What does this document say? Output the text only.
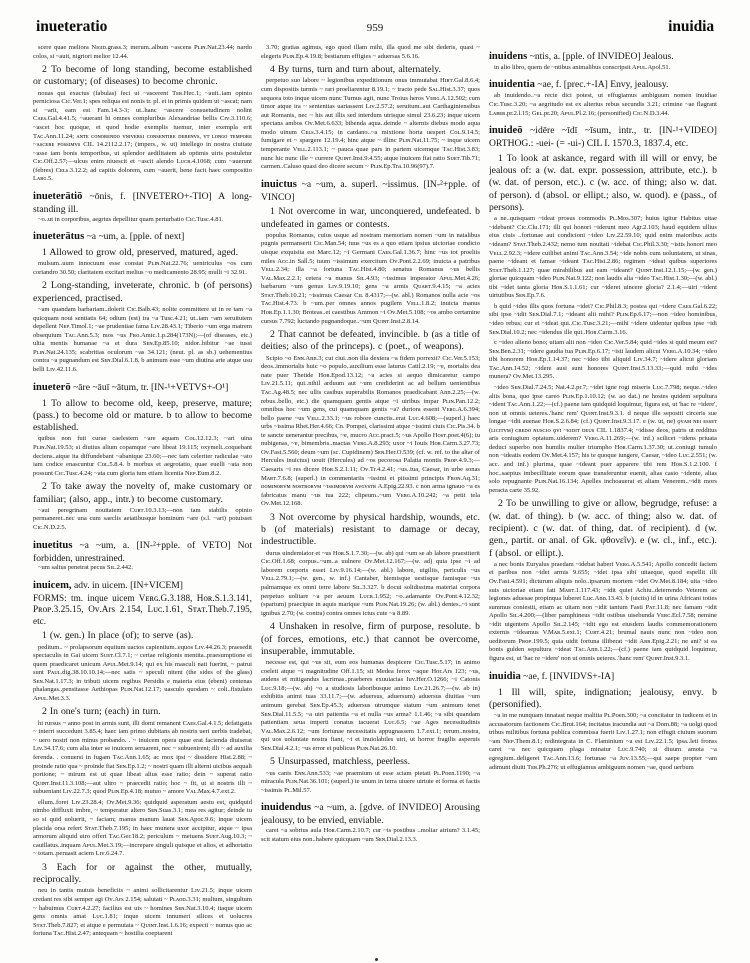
inueteratio	959	inuidia

scere quae meliora Nɪɢɪᴅ.grass.3; merum..album ~ascens Pʟɪɴ.Nat.23.44; nardo colos, si ~auit, nigriori melior 12.44.

2 To become of long standing, become established or customary; (of diseases) to become chronic.

nouas qui exactus (fabulas) feci ut ~ascerent Tᴇʀ.Hec.1; ~auit..iam opinio perniciosa Cɪᴄ.Ver.1; spes reliqua est nonis tr. pl. et in primis quidem ut ~ascat; nam si ~arit, eam est Fam.14.3-3; ut..hanc ~ascere consuetudinem nolint Cᴀᴇs.Gal.4.41.5; ~auerant hi omnes compluribus Alexandriae bellis Cɪᴠ.3.110.6; ~ascet hoc quoque, et quod hodie exemplis tuemur, inter exempla erit Tᴀᴄ.Ann.11.24; ᴀɴᴛᴇ ᴄᴏɴᴏʀᴇɴᴅᴏ ᴠɴɪᴠᴇʀsɪ ᴄᴏɴsᴇɴᴛɪʀᴇ ᴅᴇʙᴇɴᴠs, ᴠᴛ ʟᴏɴɢᴏ ᴛᴇᴍᴘᴏʀᴇ ~ᴀsᴄᴇʀᴇ ᴘᴏssɪᴍᴠs CIL 14.2112.2.17; (impers., w. ut) intellego in nostra ciuitate ~asse iam bonis temporibus, ut splendor aedilitatem ab optimis uiris postuletur Cɪᴄ.Off.2.57;—ulcus enim niuescit et ~ascit alendo Lᴜᴄʀ.4.1068; cum ~auerunt (febres) Cᴇʟs.3.12.2; ad capitis dolorem, cum ~auerit, bene facit haec compositio Lᴀʀɢ.5.

inueterātiō ~ōnis, f. [INVETERO+-TIO] A long-standing ill.

~o..ut in corporibus, aegrius depellitur quam perturbatio Cɪᴄ.Tusc.4.81.

inueterātus ~a ~um, a. [pple. of next]

1 Allowed to grow old, preserved, matured, aged.

mulsum..uum innocuum esse constat Pʟɪɴ.Nat.22.76; uentriculus ~os cum coriandro 30.50; claritatem excitari melius ~o medicamento 28.95; mulli ~i 32.91.

2 Long-standing, inveterate, chronic. b (of persons) experienced, practised.

~am quandam barbariam..dolerit Cɪᴄ.Balb.43; nolite committere ut in re tam ~a quicquam noui sentiatis 64; odium (est) ira ~a Tusc.4.21; ut..iam ~am seruitutem depellent Nᴇᴘ.Timol.1; ~ae prudentiae fama Lɪᴠ.28.43.1; Tiberio ~um erga matrem obsequium Tᴀᴄ.Ann.5.3; mos ~us Fʀᴏ.Amic.1.p.284(173N);—(of diseases, etc.) ultia mentis humanae ~a et dura Sᴇɴ.Ep.85.10; nidor..bibitur ~ae tussi Pʟɪɴ.Nat.24.135; scabritias oculorum ~as 34.121; (neut. pl. as sb.) uehementius contra ~a pugnandum est Sᴇɴ.Dial.6.1.8. b animum esse ~um diutina arte atque usu belli Lɪᴠ.42.11.6.

inueterō ~āre ~āuī ~ātum, tr. [IN-¹+VETVS+-O¹]

1 To allow to become old, keep, preserve, mature; (pass.) to become old or mature. b to allow to become established.

quibus non fuit curae caelestem ~are aquam Cᴏʟ.12.12.3; ~ari uina Pʟɪɴ.Nat.19.53; si diutius alium copamque ~are libeat 19.115; oxymeli..coquebant deciens..atque ita diffundebant ~abantque 23.60;—nec tam celeriter radiculae ~ato iam codice enascuntur Cᴏʟ.5.8.4. b morbus et aegrotatio, quae euelli ~ata non possunt Cɪᴄ.Tusc.4.24; ~ata cum gloria tum etiam licentia Nᴇᴘ.Eum.8.2.

2 To take away the novelty of, make customary or familiar; (also, app., intr.) to become customary.

~aui peregrinam nouitatem Cᴜʀᴛ.10.3.13;—non tam stabilis opinio permaneret..nec una cum saeclis aetatibusque hominum ~are (s.l. ~ari) potuisset Cɪᴄ.N.D.2.5.

inuetitus ~a ~um, a. [IN-²+pple. of VETO] Not forbidden, unrestrained.

~um saltus penetrat pecus Sɪʟ.2.442.

inuicem, adv. in uicem. [IN+VICEM]

FORMS: tm. inque uicem Vᴇʀɢ.G.3.188, Hᴏʀ.S.1.3.141, Pʀᴏᴘ.3.25.15, Oᴠ.Ars 2.154, Lᴜᴄ.1.61, Sᴛᴀᴛ.Theb.7.195, etc.

1 (w. gen.) In place (of); to serve (as).

peditum.. ~ prolapsorum equitum uactos capientium..equos Lɪᴠ.44.26.3; praesedit spectaculis in Gai uicem Sᴜᴇᴛ.Cl.7.1; ~ certae religionis mentita..praesumptione ei quem praedicaret unicum Aᴘᴜʟ.Met.9.14; qui ex his masculi nati fuerint, ~ patrui sunt Pᴀᴜʟ.dig.38.10.10.14;—nec satis ~ speculi nitent (the sides of the glass) Sᴇɴ.Nat.1.17.3; in tributi uicem regibus Persidis e materia eius (ebeni) centenas phalangas..pensitasse Aethiopas Pʟɪɴ.Nat.12.17; uasculo quodam ~ coli..fistulato Aᴘᴜʟ.Met.3.3.

2 In one's turn; (each) in turn.

hi rursus ~ anno post in armis sunt, illi domi remanent Cᴀᴇs.Gal.4.1.5; defatigatis ~ interri succedunt 3.85.4; haec iam primo dubitans ab nostris ueri uerbis tradebat, ~ uero nostri non minus probando. . ~ inuicem opera quae erat facienda diuiserat Lɪᴠ.34.17.6; cum alia inter se inuicem seruarent, nec ~ subuenirent; illi ~ ad auxilia ferenda. . conuersi in fugam Tᴀᴄ.Ann.1.65; ac mox ipsi ~ dissidere Hist.2.88; ~ proinde ratio qua ~ proinde fiat Sᴇɴ.Ep.1.2; ~ nostri quam illi alterni uicibus aequali portione; ~ mirum est ut quae libeat alius esse ratio; dein ~ superat ratio Qᴜɪɴᴛ.Inst.11.3.108;—aut ultro ~ praecedit ratio; hoc ~ fit, ut si nostris illi ~ subueniant Lɪᴠ.22.7.3; quod Pʟɪɴ.Ep.4.18; mutuo ~ amore Vᴀʟ.Max.4.7.ext.2.

ellum..foret Lɪᴠ.23.28.4; Oᴠ.Met.9.36; quidquid asperatum aestu est, quidquid nimbo diffluxit imbre, ~ temperatur altero Sᴇɴ.Suas.3.1; mea res agitur; deinde tu so si quid uoluerit, ~ faciam; manus manum lauat Sᴇɴ.Apoc.9.6; inque uicem placida orsa refert Sᴛᴀᴛ.Theb.7.195; in haec munera uxor accipitur, atque ~ ipsa armorum aliquid uiro offert Tᴀᴄ.Ger.18.2; periculum ~ metuens Sᴜᴇᴛ.Aug.10.3; ~ cauillatus..inquam Aᴘᴜʟ.Met.3.19;—increpare singuli quisque et alios, et adhortatio ~ totam..peruasit aciem Lɪᴠ.6.24.7.

3 Each for or against the other, mutually, reciprocally.

neu in tantis mutuis beneficiis ~ animi sollicitarentur Lɪᴠ.21.5; inque uicem credant res sibi semper agi Oᴠ.Ars 2.154; salutati ~ Pʟᴀᴏᴅ.3.31; multum, singultum ~ habuimus Cᴜʀᴛ.4.2.27; facilius est uis ~ homines Sᴇɴ.Nat.3.10.4; itaque uicem gens omnis amat Lᴜᴄ.1.81; inque uicem innumeri silices et uolucres Sᴛᴀᴛ.Theb.7.827; et atque e permutata ~ Qᴜɪɴᴛ.Inst.1.6.16; expecti ~ numus quo ac fortuna Tᴀᴄ.Hist.2.47; antequam ~ hostilia coeptarent

3.70; gratias agimus, ego quod illam mihi, illa quod me sibi dederis, quasi ~ elegeris Pʟɪɴ.Ep.4.19.8; bestiarum effigies ~ aduersas 5.6.16.

4 By turns, turn and turn about, alternately.

perpetuo suo labore ~ legionibus expeditionum onus immutabat Hɪʀᴛ.Gal.8.6.4; cum dispositis turmis ~ rari proeliarentur 8.19.1; ~ tracto pede Sᴀʟ.Hist.3.37; quos sequora toto inque uicem nunc Turnus agit, nunc Troius heros Vᴇʀɢ.A.12.502; cum timor atque ira ~ sententias uariassent Lɪᴠ.2.57.2; seruitum..aut Carthaginiensibus aut Romanis, nec ~ his aut illis sed interdum utrisque simul 23.6.23; inque uicem spectans ambos Oᴠ.Met.6.633; bibenda aqua..deinde ~ alternis diebus modo aqua modo uinum Cᴇʟs.3.4.15; in cardano..~a mixtione horta uesperi Cᴏʟ.9.14.5; fumigare et ~ spargere 12.19.4; hinc atque ~ illinc Pʟɪɴ.Nat.11.75; ~ inque uicem temperante Vᴇʟʟ.2.113.1; ~ pauca quae pars in partem uicemque Tᴀᴄ.Hist.3.83; nunc hic nunc ille ~ currere Qᴜɪɴᴛ.Inst.9.4.55; atque inuicem fiat ratio Sᴜᴇᴛ.Tib.71; carmen..Caluso quasi deo dicere secum ~ Pʟɪɴ.Ep.Tra.10.96(97).7.

inuictus ~a ~um, a. superl. ~issimus. [IN-²+pple. of VINCO]

1 Not overcome in war, unconquered, undefeated. b undefeated in games or contests.

populus Romanus, cuius usque ad nostram memoriam nomen ~um in natalibus pugnis permanserit Cɪᴄ.Man.54; tuus ~us es a quo etiam ipsius uictoriae condicio uisque exquisita est Marc.12; ~i Germani Cᴀᴇs.Gal.1.36.7; hinc ~us tot proeliis miles Aᴄᴄ.in Sall.5; tuum ~issimum exercitum Oᴠ.Pont.2.2.69; inuicta a patribus Vᴇʟʟ.2.34; illa ~a fortuna Tᴀᴄ.Hist.4.80; senatus Romanus ~us bellis Vᴀʟ.Max.2.2.1; cetera ~a manus Sɪʟ.4.93; ~issimus imperator Aᴘᴜʟ.Met.4.26; barbarum ~um genus Lɪᴠ.9.19.10; gens ~a armis Qᴜᴀʀᴛ.9.4.15; ~a acies Sᴛᴀᴛ.Theb.10.21; ~issimus Caesar Cɪʟ 8.4317;—(w. abl.) Romanos nulla acie ~os Tᴀᴄ.Hist.4.73. b ~um..per omnes annos pugilem Vᴇʟʟ.1.8.2; inuicta manus Hᴏʀ.Ep.1.1.30; Broteas..et caestibus Ammon ~i Oᴠ.Met.5.108; ~os ambo certamine cursus 7.792; luctando pugnandoque..~um Qᴜɪɴᴛ.Inst.2.8.14.

2 That cannot be defeated, invincible. b (as a title of deities; also of the princeps). c (poet., of weapons).

Scipio ~o Eɴɴ.Ann.3; cui ciui..non illa dextera ~a fidem porrexit? Cɪᴄ.Ver.5.153; deos..immortalis huic ~o populo..auxilium esse laturus Catil.2.19; ~e, mortalis dea nate puer Thetide Hᴏʀ.Epod.13.12; ~a acies si aequo dimicaretur campo Lɪᴠ.21.5.11; qui..nihil arduum aut ~um crediderint ac ad bellum uenientibus Tᴀᴄ.Ag.48.5; nec ullis casibus superabilis Romanos praedicabant Ann.2.25;—(w. rebus..bello, etc.) die quamquam gentis atque ~i uiribus impar Pʟɪɴ.Pan.12.2; omnibus hoc ~um gens, cui quamquam gentis ~a? duriora essent Vᴇʀɢ.A.6.394; bello paene ~us Vᴇʟʟ.2.33.1; ~us robore cunctis..erat Lᴜᴄ.4.608;—(superl.) haec urbs ~issima Rhet.Her.4.66; Cn. Pompei, clarissimi atque ~issimi ciuis Cɪᴄ.Pis.34. b te sancte uenerantur precibus, ~e, mucro Aᴄᴄ.pract.5; ~us Apollo Hᴏsᴛ.poet.4(6); tu nubigenas, ~e, bimembris..mactas Vᴇʀɢ.A.8.293; uxor ~i Iouis Hᴏʀ.Carm.3.27.73; Oᴠ.Fast.5.560; deum ~um (sc. Cupidinem) Sᴇɴ.Her.O.539; (cf. w. ref. to the altar of Hercules inuictus) uouit (Hercules) ad ~os pecorosa Palatia montis Pʀᴏᴘ.4.9.3;—Caesaris ~i res dicere Hᴏʀ.S.2.1.11; Oᴠ.Tr.4.2.41; ~us..tua, Caesar, in urbe sonas Mᴀʀᴛ.7.6.8; (superl.) in commentariis ~issimi et piissimi principis Fʀᴏɴ.Aq.31; ᴅᴏᴍɪɴᴏʀᴠᴍ ɴᴏsᴛʀᴏʀᴠᴍ ~ɪssɪᴍᴏʀᴠᴍ ᴀᴠɢᴠsᴛʀ A.Epig.22.93. c non arma ignauo ~a es fabricatus manu ~us tua 222; clipeum..~um Vᴇʀɢ.A.10.242; ~a petit tela Oᴠ.Met.12.168.

3 Not overcome by physical hardship, wounds, etc. b (of materials) resistant to damage or decay, indestructible.

durus uindemiator et ~us Hᴏʀ.S.1.7.30;—(w. ab) qui ~um se ab labore praestiterit Cɪᴄ.Off.1.68; corpus..~um..a uulnere Oᴠ.Met.12.167;—(w. ad) quia ipse ~i ad laborem corporis esset Lɪᴠ.9.16.14;—(w. abl.) labore, uigiliis, periculis ~us Vᴇʟʟ.2.79.1;—(w. gen., w. inf.) Cantaber, hiemisque uestisque famisque ~us palmamque ex omni terre labore Sɪʟ.3.327. b docui solidissima materiai corpora perpetuo uolitare ~a per aeuum Lᴜᴄʀ.1.952; ~o..adamante Oᴠ.Pont.4.12.32; (spartum) praecipue in aquis marique ~um Pʟɪɴ.Nat.19.26; (w. abl.) dentes..~i sunt ignibus 2.70; (w. contra) contra omnes ictus cute ~a 8.89.

4 Unshaken in resolve, firm of purpose, resolute. b (of forces, emotions, etc.) that cannot be overcome, insuperable, immutable.

necesse est, qui ~us sit, eum eos humanas despicere Cɪᴄ.Tusc.5.17; in animo coeleti atque ~i magnitudine Off.1.15; sit Medea ferox ~aque Hor.Ars 123; ~us, audens et mitigandus lacrimas..praeberes exuuiacias Iuv.Her.O.1266; ~i Catonis Lᴜᴄ.9.18;—(w. ab) ~o a studiosis laboribusque animo Lɪᴠ.21.26.7;—(w. ab in) exhibitis animi tuas 33.11.7;—(w. aduersus, aduersum) aduersus diuitias ~um animum gerebat Sᴇɴ.Ep.45.3; aduersus utrumque statum ~um animum tenet Sᴇɴ.Dial.11.5.5; ~a uiri patientia ~a et nulla ~us arma? 1.1.46; ~a sibi quandam patientiam seua imperti conatus tacuerat Lᴜᴄ.6.5; ~ae Ages necessitudinis Vᴀʟ.Max.2.6.12; ~um fortunae necessitatis appugnassem 1.7.ext.1; rerum..nostra, qui uos uoluntate nostra fiant, ~i et inuiolabiles uiri, ut horror fragilis asperuis Sᴇɴ.Dial.4.2.1; ~us error et publicus Pʟɪɴ.Nat.26.10.

5 Unsurpassed, matchless, peerless.

~us canis Eɴɴ.Ann.533; ~ae praemium ut esse sciam pietati Pʟ.Poen.1190; ~a miracula Pʟɪɴ.Nat.36.101; (superl.) te unum in terra uiuere uirtute et forma et factis ~issimis Pʟ.Mil.57.

inuidendus ~a ~um, a. [gdve. of INVIDEO] Arousing jealousy, to be envied, enviable.

caret ~a sobrius aula Hᴏʀ.Carm.2.10.7; cur ~is postibus ..moliar atrium? 3.1.45; scit statum eius non..habere quicquam ~um Sᴇɴ.Dial.2.13.3.

inuidens ~ntis, a. [pple. of INVIDEO] Jealous.

in alio libro, quem de ~ntibus animalibus conscripsit Aᴘᴜʟ.Apol.51.

inuidentia ~ae, f. [prec.+-IA] Envy, jealousy.

ab inuidendo..~a recte dici potest, ut effugiamus ambiguum nomen inuidiae Cɪᴄ.Tusc.3.20; ~a aegritudo est ex alterius rebus secundis 3.21; crimine ~ae flagrant Lᴀʙᴇʀ.pr.2.l.15; Gᴇʟ.pr.20; Aᴘᴜʟ.Pl.2.16; (personified) Cɪᴄ.N.D.3.44.

inuideō ~idēre ~īdī ~īsum, intr., tr. [IN-¹+VIDEO] ORTHOG.: -uei- (= -ui-) CIL I. 1570.3, 1837.4, etc.

1 To look at askance, regard with ill will or envy, be jealous of: a (w. dat. expr. possession, attribute, etc.). b (w. dat. of person, etc.). c (w. acc. of thing; also w. dat. of person). d (absol. or ellipt.; also, w. quod). e (pass., of persons).

a ne..quisquam ~ideat prosus commodis Pʟ.Mos.307; huius igitur Habitus uitae ~idebant? Cɪᴄ.Clu.171; illi qui honori ~iderunt meo Agr.2.103; haud equidem ullius eius ciuis ..fortunae aut condicioni ~ideo Lɪᴠ.22.59.10; quid enim maioribus actis ~ideam? Sᴛᴀᴛ.Theb.2.432; nemo tum nouitati ~idebat Cɪᴄ.Phil.3.30; ~istis honori meo Vᴇʟʟ.2.92.3; ~idere cuilibet animi Tᴀᴄ.Ann.3.54; ~ide nobis cum uoluntatem, ut sinas, paene ~ideant et famae ~ideant Tᴀᴄ.Hist.2.86; regimen ~ideat quibus superiores Sᴛᴀᴛ.Theb.1.127; quae mirabilibus aut eam ~ideant? Qᴜɪɴᴛ.Inst.12.1.15;—(w. gen.) gloriae quicquam ~ideo Pʟɪɴ.Nat.9.122; non laudis alia ~ideo Tᴀᴄ.Hist.1.30;—(w. abl.) tibi ~idet tanta gloria Hᴏʀ.S.1.1.61; cur ~ideret uincere gloria? 2.1.4;—uiri ~ident uirtutibus Sᴇɴ.Ep.7.6.

b quid ~ides illis quos fortuna ~idet? Cɪᴄ.Phil.8.3; postea qui ~idere Cᴀᴇs.Gal.6.22; sibi ipse ~idit Sᴇɴ.Dial.7.1; ~ideant alii mihi? Pʟɪɴ.Ep.6.17;—non ~ideo hominibus, ~ideo rebus; cur ei ~ideat qui..Cɪᴄ.Tusc.3.21;—mihi ~idere uidentur quibus ipse ~idi Sᴇɴ.Dial.10.2; nec ~idendus ille qui..Hᴏʀ.Carm.3.16.

c ~ideo alieno bono; uitam alii non ~ideo Cɪᴄ.Ver.5.84; quid ~ides si quid meum est? Sᴇɴ.Ben.2.31; ~idere gaudia tua Pʟɪɴ.Ep.6.17; ~isti laudem alicui Vᴇʀɢ.A.10.34; ~ideo tibi honorem Hᴏʀ.Ep.1.14.37; nec ~ideo tibi aliquid Lɪᴠ.34.7; ~idere alicui gloriam Tᴀᴄ.Ann.14.52; ~idere ausi sunt honores Qᴜɪɴᴛ.Inst.5.13.33;—quid mihi ~ides munera? Oᴠ.Met.13.295.

~ideo Sᴇɴ.Dial.7.24.5; Nat.4.2.pr.7; ~idet igne rogi miseris Lᴜᴄ.7.798; neque..~ideo aliis bona, quo ipse careo Pʟɪɴ.Ep.1.10.12; (w. ao dat.) ne hostes quidem sepultura ~ident Tᴀᴄ.Ann.1.22;—(cf.) paene iam quidquid loquimur, figura est, ut 'hac re ~idere', non ut omnis ueteres..'hanc rem' Qᴜɪɴᴛ.Inst.9.3.1. d neque ille sepositi circeris sue longae ~idit auenae Hᴏʀ.S.2.6.84; (cf.) Qᴜɪɴᴛ.Inst.9.3.17. e (w. ut, ne) ǫᴠᴀᴍ ɴᴇɪ ᴇssᴇᴛ (ʟɪᴄɪᴛᴠᴍ) ᴄʀᴇᴅᴏ ɴᴜsᴄɪᴏ ǫᴠɪ ~ᴇɪᴅɪᴛ ᴅᴇᴜs CIL 1.1837.4; ~idisse deos, patris ut redditus aris coniugium optatum..uiderem? Vᴇʀɢ.A.11.269;—(w. inf.) scilicet ~idens priuata deduci superbo non humilis mulier triumpho Hᴏʀ.Carm.1.37.30; ut..coniugi tumulo non ~ideatis eodem Oᴠ.Met.4.157; his te quoque iungere, Caesar, ~ideo Lᴜᴄ.2.551; (w. acc. and inf.) plurima, quae ~ideant puer apparere tibi rem Hᴏʀ.S.1.2.100. f hoc..saepius imbecillitate eorum quae transferuntur euenit, alias casio ~idente, alias solo repugnante Pʟɪɴ.Nat.16.134; Apelles inchoauerat et aliam Venerem..~idit mors peracta carte 35.92.

2 To be unwilling to give or allow, begrudge, refuse: a (w. dat. of thing). b (w. acc. of thing; also w. dat. of recipient). c (w. dat. of thing, dat. of recipient). d (w. gen., partit. or anal. of Gk. φθονεῖν). e (w. cl., inf., etc.). f (absol. or ellipt.).

a nec bonis Euryalus praedam ~idebat haberi Vᴇʀɢ.A.5.541; Apollo concedit faciem et paribus non ~idet armis 9.655; ~idet ipsa sibi uitaeque, quod espellit illi Oᴠ.Fast.4.591; dicturum aliquis nolo..ipsarum mortem ~idet Oᴠ.Met.8.184; uita ~ideo suis uictoriae etiam fati Mᴀʀᴛ.1.117.43; ~idit quiet Achiu..deterrendo Veterem ac legiones aduesae propinqua luberet Luc.Ann.13.43. b (uictis) id in urina Africani toties summus coniestit, etiam ac uitam non ~idit tantum Fasti Pᴀᴛ.11.8; nec famam ~idit Apollo Sɪʟ.4.200;—(liber pamphineus ~idit ostibus uisebunda Vᴇʀᴄ.Ecl.7.58; nemine ~idit uigentem Apollo Sɪʟ.2.145; ~idit ego est eiusdem laudis commemorationem externis ~ideamus V.Mᴀʀ.5.ext.1; Cᴜʀᴛ.4.21; brumal nauis nunc non ~ideo non ueditorum Pʀᴏᴘ.199.5; quia uidit fortuna illiberat ~idit Aʀʀ.Epig.2.21; ne ani? si ea bonis gulden sepultura ~ideat Tᴀᴄ.Ann.1.22;—(cf.) paene iam quidquid loquimur, figura est, ut 'hac re ~idere' non ut omnis ueteres..'hanc rem' Qᴜɪɴᴛ.Inst.9.3.1.

inuidia ~ae, f. [INVIDVS+-IA]

1 Ill will, spite, indignation; jealousy, envy. b (personified).

~a in me nunquam innatast neque malitia Pʟ.Poen.300; ~a concitatur in iudicem et in accusatorum factionem Cɪᴄ.Brut.164; incitatus iracundia aut ~a Dom.88; ~a uolgi quod tribus militibus fortuna publica commissa fuerit Lɪᴠ.1.27.1; non effugit ciuium suorum ~am Nᴇᴘ.Them.8.1; redintegrata in C. Flaminium ~a est Lɪᴠ.22.1.5; ipsa..leti fronss caret ~a nec quicquam plaga minatur Lᴜᴄ.9.740; si diuum amota ~a egregium..deligeret Tᴀᴄ.Ann.13.6; fortunae ~a Jᴜᴠ.13.55;—qui saepe propter ~am adimunt diuiti Tᴇʀ.Ph.276; ut effugiamus ambiguum nomen ~ae, quod uerbum
